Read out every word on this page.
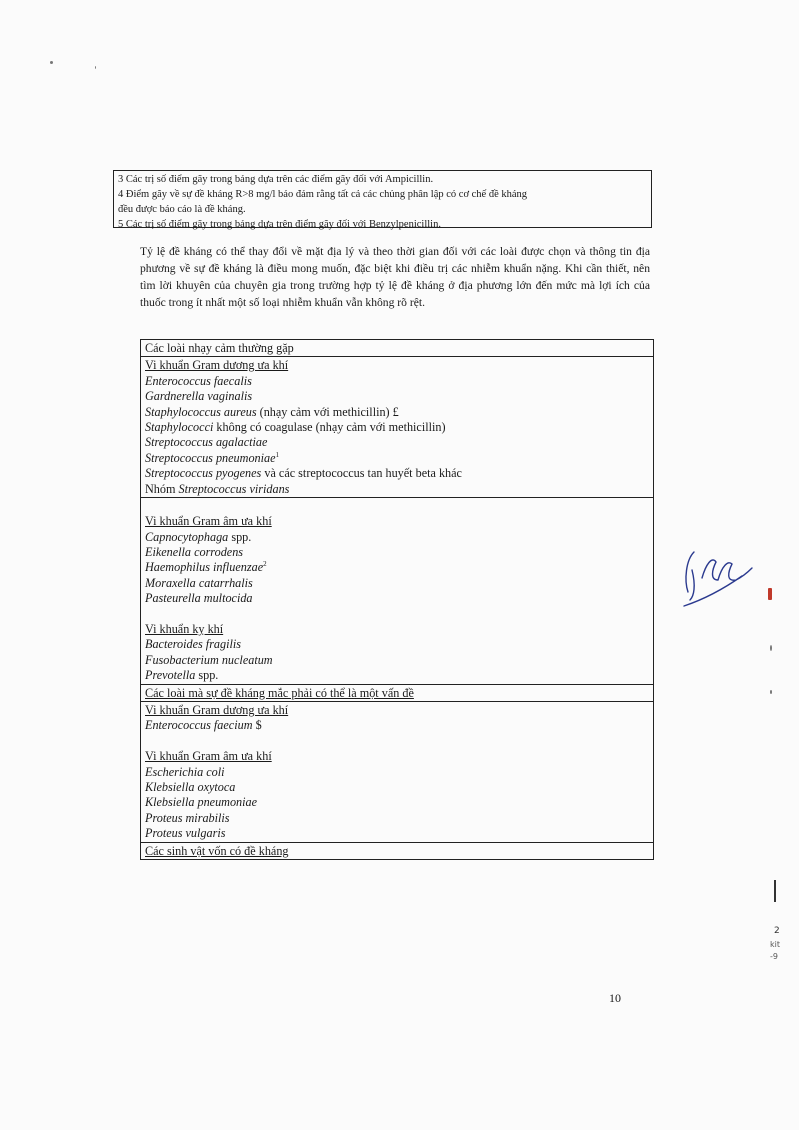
3 Các trị số điểm gãy trong bảng dựa trên các điểm gãy đối với Ampicillin.
4 Điểm gãy về sự đề kháng R>8 mg/l bảo đảm rằng tất cả các chủng phân lập có cơ chế đề kháng
đều được báo cáo là đề kháng.
5 Các trị số điểm gãy trong bảng dựa trên điểm gãy đối với Benzylpenicillin.
Tỷ lệ đề kháng có thể thay đổi về mặt địa lý và theo thời gian đối với các loài được chọn và thông tin địa phương về sự đề kháng là điều mong muốn, đặc biệt khi điều trị các nhiễm khuẩn nặng. Khi cần thiết, nên tìm lời khuyên của chuyên gia trong trường hợp tỷ lệ đề kháng ở địa phương lớn đến mức mà lợi ích của thuốc trong ít nhất một số loại nhiễm khuẩn vẫn không rõ rệt.
Các loài nhạy cảm thường gặp
Vi khuẩn Gram dương ưa khí
Enterococcus faecalis
Gardnerella vaginalis
Staphylococcus aureus (nhạy cảm với methicillin) £
Staphylococci không có coagulase (nhạy cảm với methicillin)
Streptococcus agalactiae
Streptococcus pneumoniae$^1$
Streptococcus pyogenes và các streptococcus tan huyết beta khác
Nhóm Streptococcus viridans
Vi khuẩn Gram âm ưa khí
Capnocytophaga spp.
Eikenella corrodens
Haemophilus influenzae$^2$
Moraxella catarrhalis
Pasteurella multocida
Vi khuẩn kỵ khí
Bacteroides fragilis
Fusobacterium nucleatum
Prevotella spp.
Các loài mà sự đề kháng mắc phải có thể là một vấn đề
Vi khuẩn Gram dương ưa khí
Enterococcus faecium $
Vi khuẩn Gram âm ưa khí
Escherichia coli
Klebsiella oxytoca
Klebsiella pneumoniae
Proteus mirabilis
Proteus vulgaris
Các sinh vật vốn có đề kháng
2
kit
-9
10
